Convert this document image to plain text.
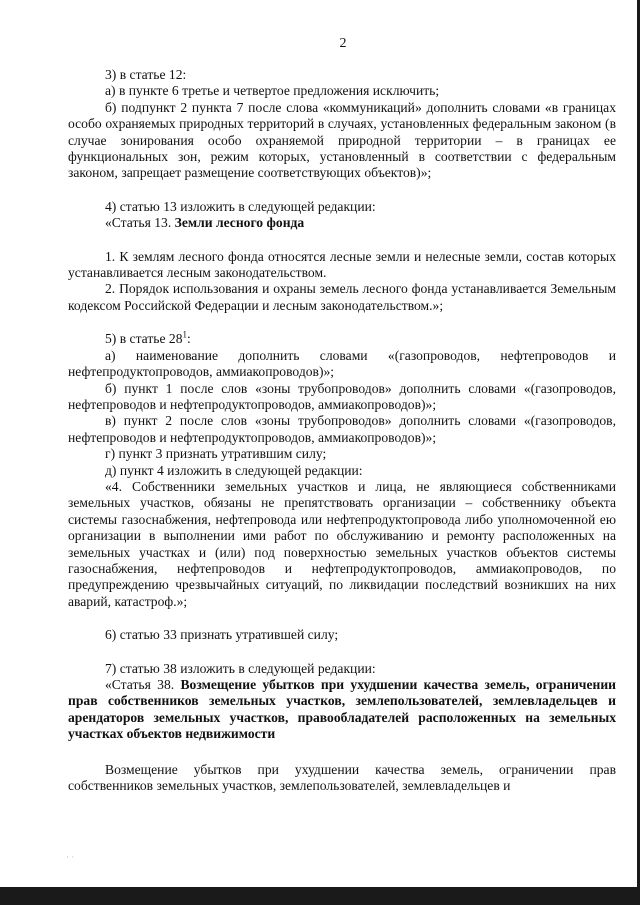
2

3) в статье 12:

а) в пункте 6 третье и четвертое предложения исключить;

б) подпункт 2 пункта 7 после слова «коммуникаций» дополнить словами «в границах особо охраняемых природных территорий в случаях, установленных федеральным законом (в случае зонирования особо охраняемой природной территории – в границах ее функциональных зон, режим которых, установленный в соответствии с федеральным законом, запрещает размещение соответствующих объектов)»;

4) статью 13 изложить в следующей редакции:

«Статья 13. Земли лесного фонда

1. К землям лесного фонда относятся лесные земли и нелесные земли, состав которых устанавливается лесным законодательством.

2. Порядок использования и охраны земель лесного фонда устанавливается Земельным кодексом Российской Федерации и лесным законодательством.»;

5) в статье $28^1$:

а) наименование дополнить словами «(газопроводов, нефтепроводов и нефтепродуктопроводов, аммиакопроводов)»;

б) пункт 1 после слов «зоны трубопроводов» дополнить словами «(газопроводов, нефтепроводов и нефтепродуктопроводов, аммиакопроводов)»;

в) пункт 2 после слов «зоны трубопроводов» дополнить словами «(газопроводов, нефтепроводов и нефтепродуктопроводов, аммиакопроводов)»;

г) пункт 3 признать утратившим силу;

д) пункт 4 изложить в следующей редакции:

«4. Собственники земельных участков и лица, не являющиеся собственниками земельных участков, обязаны не препятствовать организации – собственнику объекта системы газоснабжения, нефтепровода или нефтепродуктопровода либо уполномоченной ею организации в выполнении ими работ по обслуживанию и ремонту расположенных на земельных участках и (или) под поверхностью земельных участков объектов системы газоснабжения, нефтепроводов и нефтепродуктопроводов, аммиакопроводов, по предупреждению чрезвычайных ситуаций, по ликвидации последствий возникших на них аварий, катастроф.»;

6) статью 33 признать утратившей силу;

7) статью 38 изложить в следующей редакции:

«Статья 38. Возмещение убытков при ухудшении качества земель, ограничении прав собственников земельных участков, землепользователей, землевладельцев и арендаторов земельных участков, правообладателей расположенных на земельных участках объектов недвижимости

Возмещение убытков при ухудшении качества земель, ограничении прав собственников земельных участков, землепользователей, землевладельцев и

· ·
